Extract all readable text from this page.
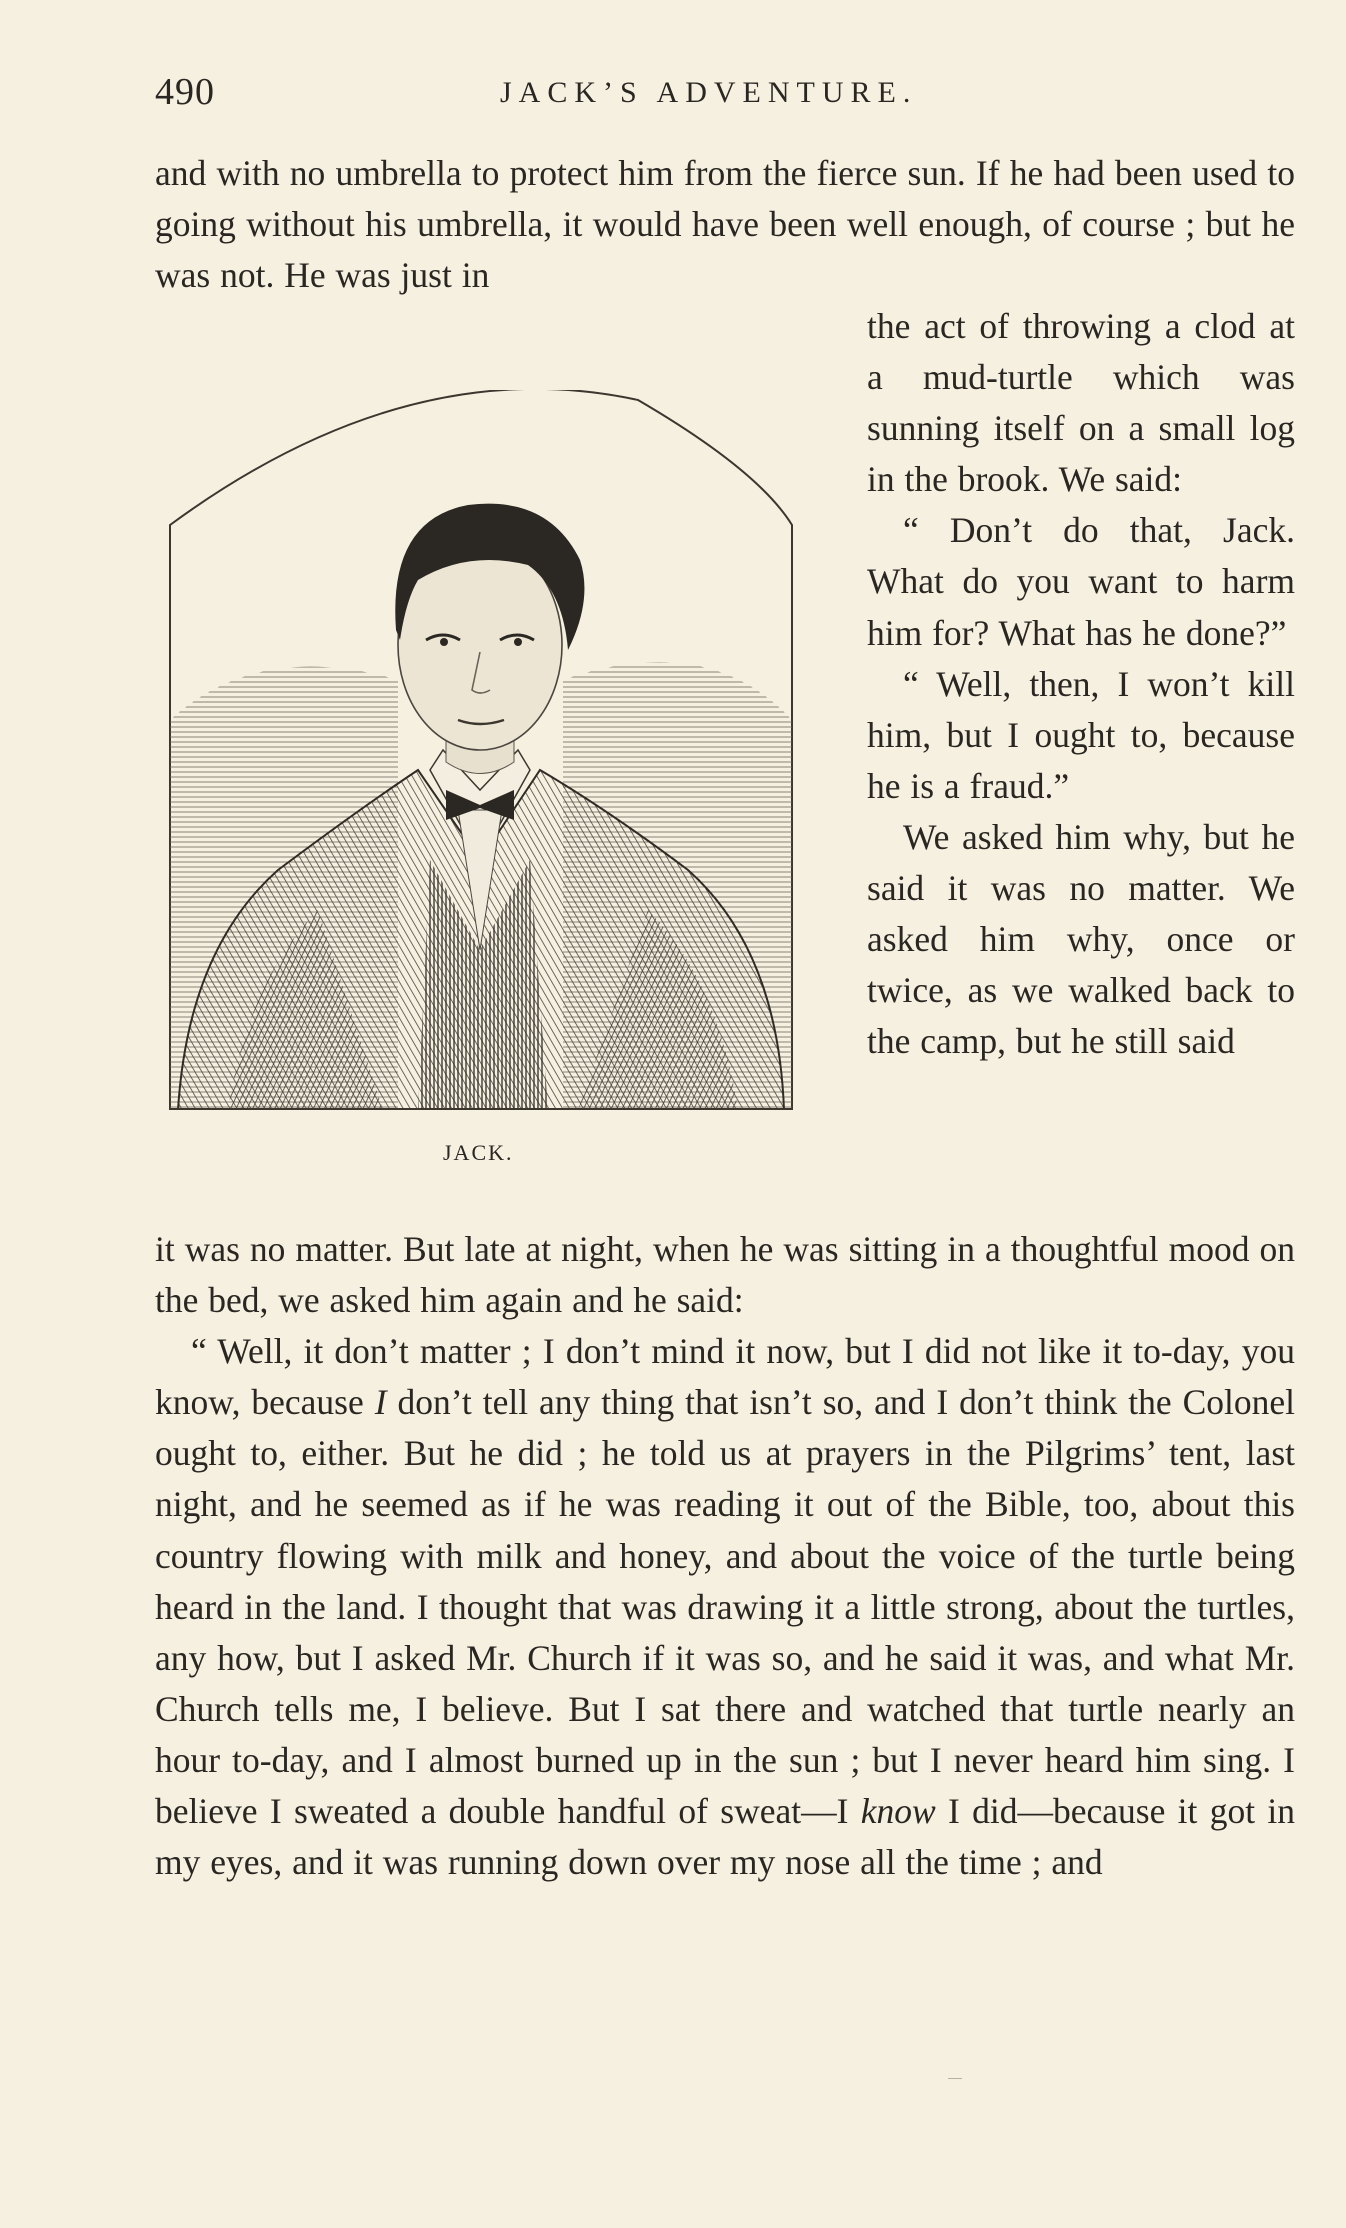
490	JACK’S ADVENTURE.

and with no umbrella to protect him from the fierce sun. If he had been used to going without his umbrella, it would have been well enough, of course ; but he was not. He was just in

JACK.

the act of throwing a clod at a mud-turtle which was sunning itself on a small log in the brook. We said:

“ Don’t do that, Jack. What do you want to harm him for? What has he done?”

“ Well, then, I won’t kill him, but I ought to, because he is a fraud.”

We asked him why, but he said it was no matter. We asked him why, once or twice, as we walked back to the camp, but he still said

it was no matter. But late at night, when he was sitting in a thoughtful mood on the bed, we asked him again and he said:

“ Well, it don’t matter ; I don’t mind it now, but I did not like it to-day, you know, because I don’t tell any thing that isn’t so, and I don’t think the Colonel ought to, either. But he did ; he told us at prayers in the Pilgrims’ tent, last night, and he seemed as if he was reading it out of the Bible, too, about this country flowing with milk and honey, and about the voice of the turtle being heard in the land. I thought that was drawing it a little strong, about the turtles, any how, but I asked Mr. Church if it was so, and he said it was, and what Mr. Church tells me, I believe. But I sat there and watched that turtle nearly an hour to-day, and I almost burned up in the sun ; but I never heard him sing. I believe I sweated a double handful of sweat—I know I did—because it got in my eyes, and it was running down over my nose all the time ; and
